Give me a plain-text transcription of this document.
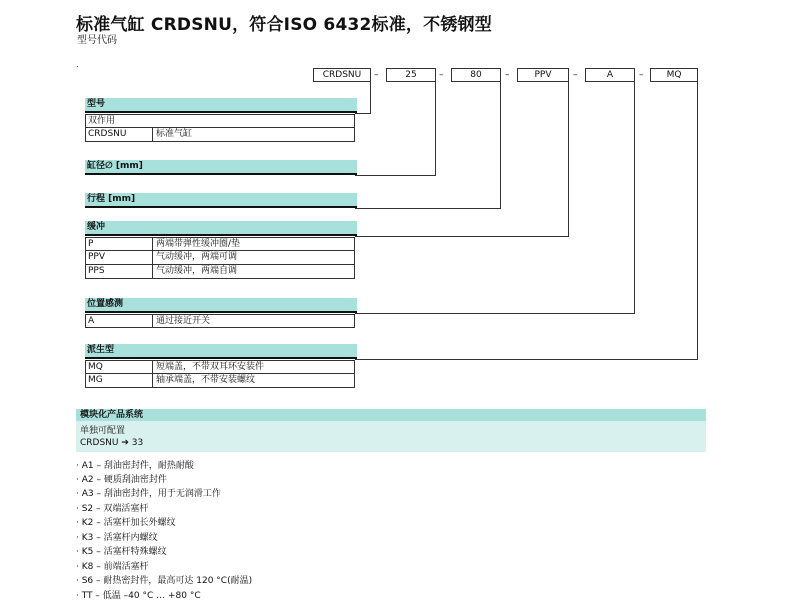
标准气缸 CRDSNU，符合ISO 6432标准，不锈钢型
型号代码
.
CRDSNU	–	25	–	80	–	PPV	–	A	–	MQ
型号
双作用
CRDSNU	标准气缸
缸径∅ [mm]
行程 [mm]
缓冲
P	两端带弹性缓冲圈/垫
PPV	气动缓冲，两端可调
PPS	气动缓冲，两端自调
位置感测
A	通过接近开关
派生型
MQ	短端盖，不带双耳环安装件
MG	轴承端盖，不带安装螺纹
模块化产品系统
单独可配置
CRDSNU ➔ 33
· A1 – 刮油密封件，耐热耐酸
· A2 – 硬质刮油密封件
· A3 – 刮油密封件，用于无润滑工作
· S2 – 双端活塞杆
· K2 – 活塞杆加长外螺纹
· K3 – 活塞杆内螺纹
· K5 – 活塞杆特殊螺纹
· K8 – 前端活塞杆
· S6 – 耐热密封件，最高可达 120 °C(耐温)
· TT – 低温 –40 °C … +80 °C
